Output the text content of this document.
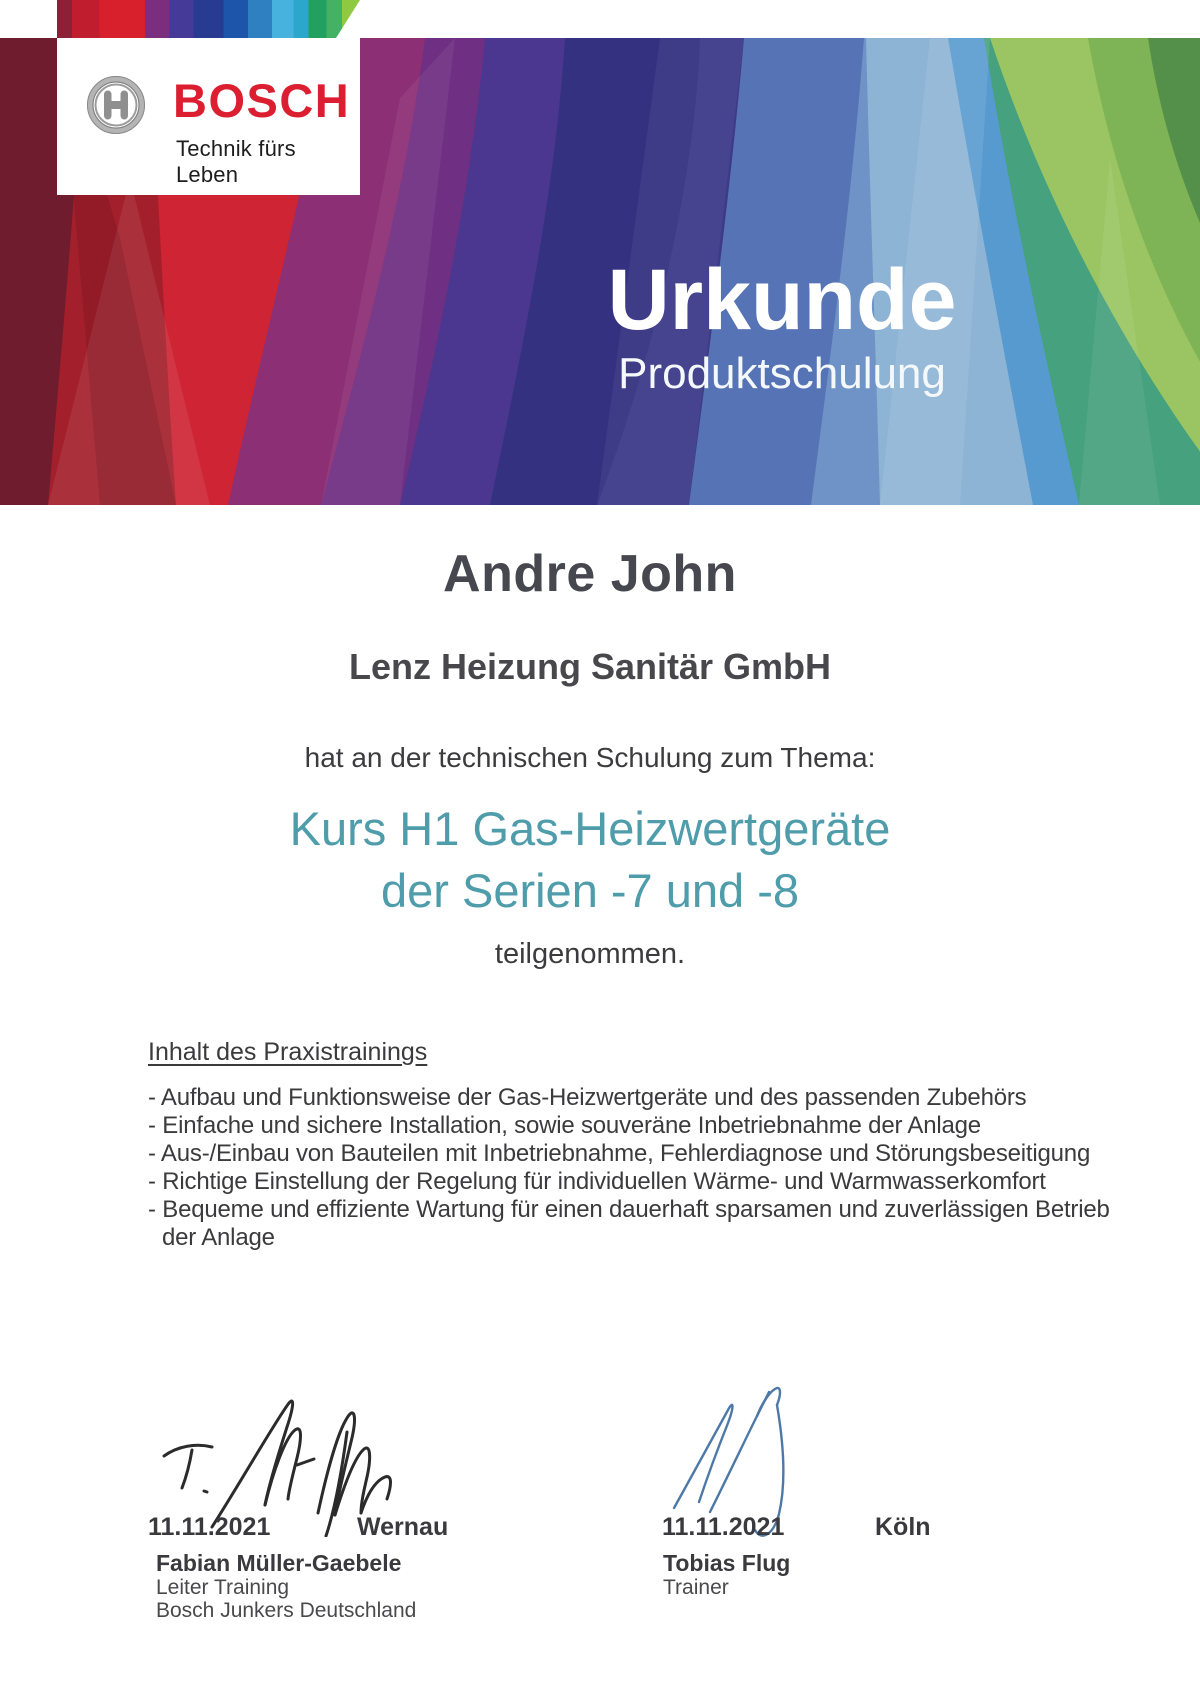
Urkunde
Produktschulung
BOSCH
Technik fürs Leben
Andre John
Lenz Heizung Sanitär GmbH
hat an der technischen Schulung zum Thema:
Kurs H1 Gas-Heizwertgeräte
der Serien -7 und -8
teilgenommen.
Inhalt des Praxistrainings
- Aufbau und Funktionsweise der Gas-Heizwertgeräte und des passenden Zubehörs
- Einfache und sichere Installation, sowie souveräne Inbetriebnahme der Anlage
- Aus-/Einbau von Bauteilen mit Inbetriebnahme, Fehlerdiagnose und Störungsbeseitigung
- Richtige Einstellung der Regelung für individuellen Wärme- und Warmwasserkomfort
- Bequeme und effiziente Wartung für einen dauerhaft sparsamen und zuverlässigen Betrieb der Anlage
11.11.2021	Wernau	11.11.2021	Köln
Fabian Müller-Gaebele
Leiter Training
Bosch Junkers Deutschland
Tobias Flug
Trainer
